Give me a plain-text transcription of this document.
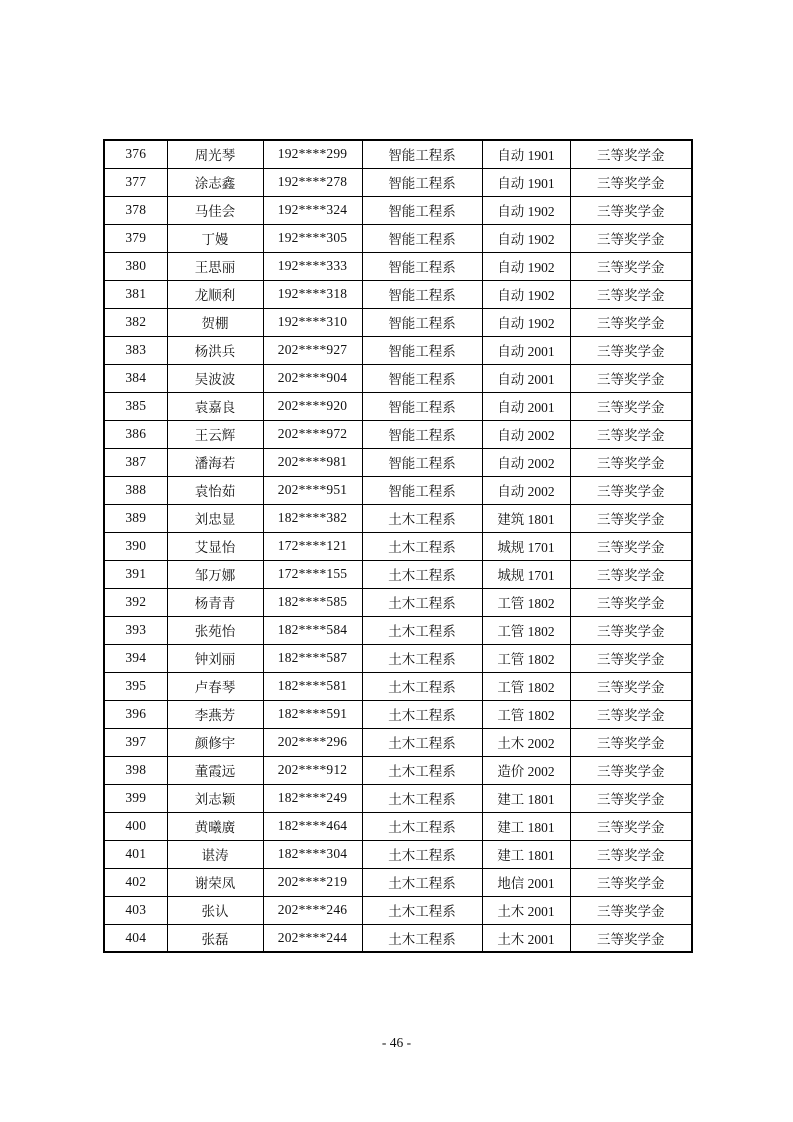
376	周光琴	192****299	智能工程系	自动 1901	三等奖学金
377	涂志鑫	192****278	智能工程系	自动 1901	三等奖学金
378	马佳会	192****324	智能工程系	自动 1902	三等奖学金
379	丁嫚	192****305	智能工程系	自动 1902	三等奖学金
380	王思丽	192****333	智能工程系	自动 1902	三等奖学金
381	龙顺利	192****318	智能工程系	自动 1902	三等奖学金
382	贺棚	192****310	智能工程系	自动 1902	三等奖学金
383	杨洪兵	202****927	智能工程系	自动 2001	三等奖学金
384	吴波波	202****904	智能工程系	自动 2001	三等奖学金
385	袁嘉良	202****920	智能工程系	自动 2001	三等奖学金
386	王云辉	202****972	智能工程系	自动 2002	三等奖学金
387	潘海若	202****981	智能工程系	自动 2002	三等奖学金
388	袁怡茹	202****951	智能工程系	自动 2002	三等奖学金
389	刘忠显	182****382	土木工程系	建筑 1801	三等奖学金
390	艾显怡	172****121	土木工程系	城规 1701	三等奖学金
391	邹万娜	172****155	土木工程系	城规 1701	三等奖学金
392	杨青青	182****585	土木工程系	工管 1802	三等奖学金
393	张苑怡	182****584	土木工程系	工管 1802	三等奖学金
394	钟刘丽	182****587	土木工程系	工管 1802	三等奖学金
395	卢春琴	182****581	土木工程系	工管 1802	三等奖学金
396	李燕芳	182****591	土木工程系	工管 1802	三等奖学金
397	颜修宇	202****296	土木工程系	土木 2002	三等奖学金
398	董霞远	202****912	土木工程系	造价 2002	三等奖学金
399	刘志颖	182****249	土木工程系	建工 1801	三等奖学金
400	黄曦廣	182****464	土木工程系	建工 1801	三等奖学金
401	谌涛	182****304	土木工程系	建工 1801	三等奖学金
402	谢荣凤	202****219	土木工程系	地信 2001	三等奖学金
403	张认	202****246	土木工程系	土木 2001	三等奖学金
404	张磊	202****244	土木工程系	土木 2001	三等奖学金
- 46 -
